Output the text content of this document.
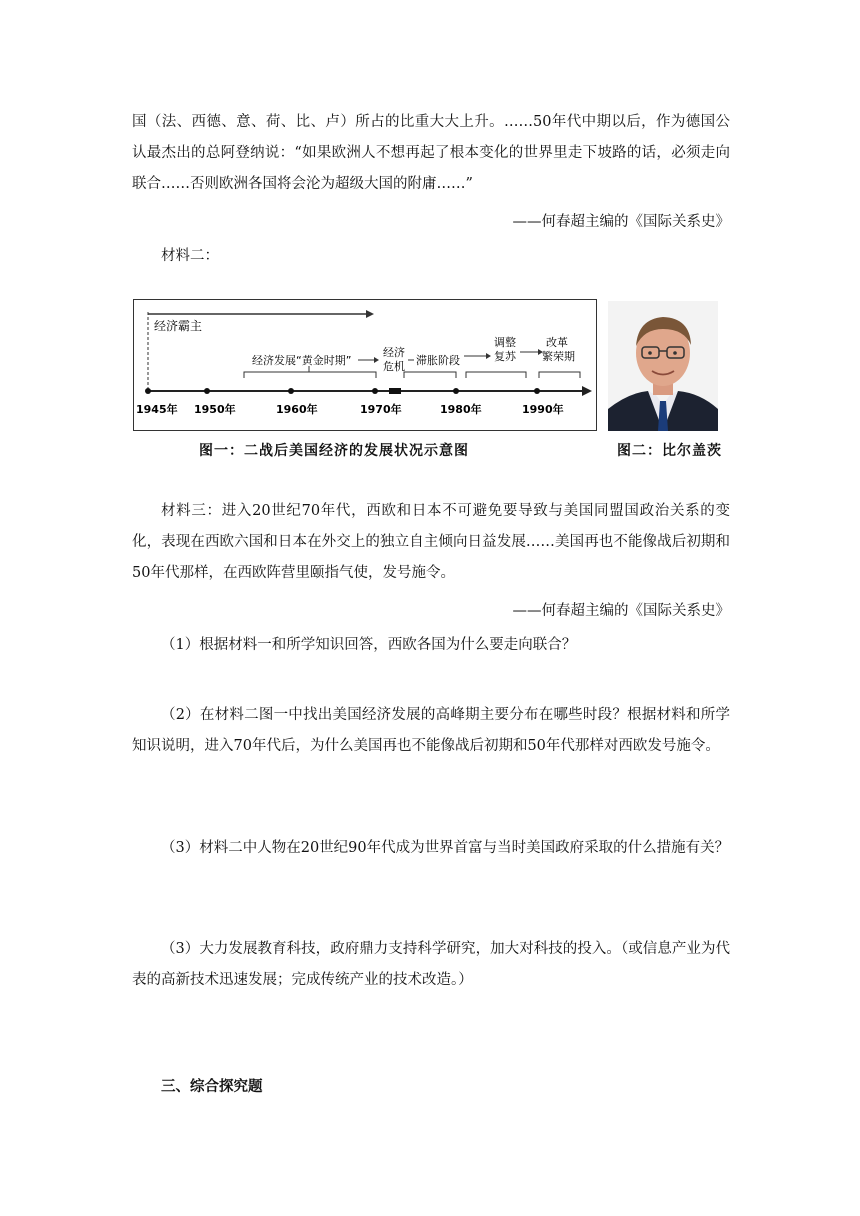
国（法、西德、意、荷、比、卢）所占的比重大大上升。……50年代中期以后，作为德国公认最杰出的总阿登纳说：“如果欧洲人不想再起了根本变化的世界里走下坡路的话，必须走向联合……否则欧洲各国将会沦为超级大国的附庸……”

——何春超主编的《国际关系史》

材料二：

经济霸主
经济发展“黄金时期”
经济
危机 滞胀阶段
调整
复苏
改革
繁荣期
1945年 1950年	1960年	1970年	1980年	1990年
图一：二战后美国经济的发展状况示意图	图二：比尔盖茨

材料三：进入20世纪70年代，西欧和日本不可避免要导致与美国同盟国政治关系的变化，表现在西欧六国和日本在外交上的独立自主倾向日益发展……美国再也不能像战后初期和50年代那样，在西欧阵营里颐指气使，发号施令。

——何春超主编的《国际关系史》

（1）根据材料一和所学知识回答，西欧各国为什么要走向联合？

（2）在材料二图一中找出美国经济发展的高峰期主要分布在哪些时段？根据材料和所学知识说明，进入70年代后，为什么美国再也不能像战后初期和50年代那样对西欧发号施令。

（3）材料二中人物在20世纪90年代成为世界首富与当时美国政府采取的什么措施有关？

（3）大力发展教育科技，政府鼎力支持科学研究，加大对科技的投入。（或信息产业为代表的高新技术迅速发展；完成传统产业的技术改造。）

三、综合探究题
